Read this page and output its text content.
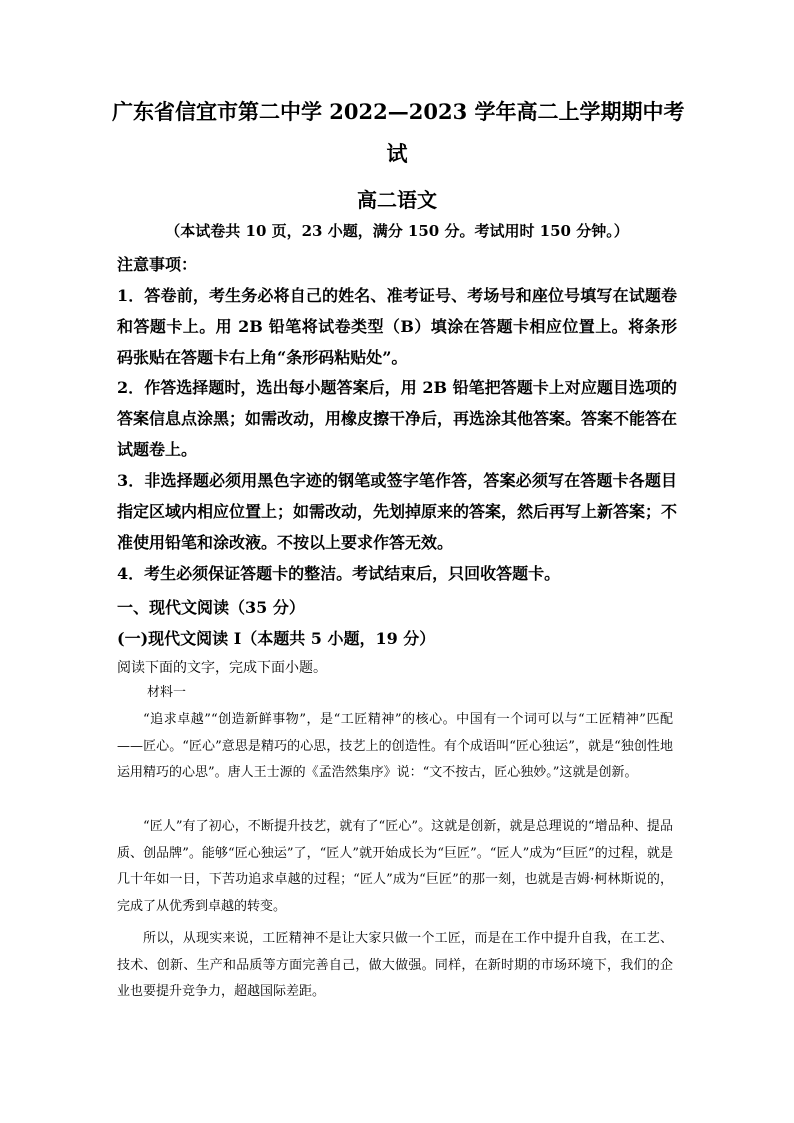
广东省信宜市第二中学 2022—2023 学年高二上学期期中考
试
高二语文
（本试卷共 10 页，23 小题，满分 150 分。考试用时 150 分钟。）
注意事项：
1．答卷前，考生务必将自己的姓名、准考证号、考场号和座位号填写在试题卷和答题卡上。用 2B 铅笔将试卷类型（B）填涂在答题卡相应位置上。将条形码张贴在答题卡右上角“条形码粘贴处”。
2．作答选择题时，选出每小题答案后，用 2B 铅笔把答题卡上对应题目选项的答案信息点涂黑；如需改动，用橡皮擦干净后，再选涂其他答案。答案不能答在试题卷上。
3．非选择题必须用黑色字迹的钢笔或签字笔作答，答案必须写在答题卡各题目指定区域内相应位置上；如需改动，先划掉原来的答案，然后再写上新答案；不准使用铅笔和涂改液。不按以上要求作答无效。
4．考生必须保证答题卡的整洁。考试结束后，只回收答题卡。
一、现代文阅读（35 分）
(一)现代文阅读 I（本题共 5 小题，19 分）
阅读下面的文字，完成下面小题。
材料一
“追求卓越”“创造新鲜事物”，是“工匠精神”的核心。中国有一个词可以与“工匠精神”匹配——匠心。“匠心”意思是精巧的心思，技艺上的创造性。有个成语叫“匠心独运”，就是“独创性地运用精巧的心思”。唐人王士源的《孟浩然集序》说：“文不按古，匠心独妙。”这就是创新。
“匠人”有了初心，不断提升技艺，就有了“匠心”。这就是创新，就是总理说的“增品种、提品质、创品牌”。能够“匠心独运”了，“匠人”就开始成长为“巨匠”。“匠人”成为“巨匠”的过程，就是几十年如一日，下苦功追求卓越的过程；“匠人”成为“巨匠”的那一刻，也就是吉姆·柯林斯说的，完成了从优秀到卓越的转变。
所以，从现实来说，工匠精神不是让大家只做一个工匠，而是在工作中提升自我，在工艺、技术、创新、生产和品质等方面完善自己，做大做强。同样，在新时期的市场环境下，我们的企业也要提升竞争力，超越国际差距。
